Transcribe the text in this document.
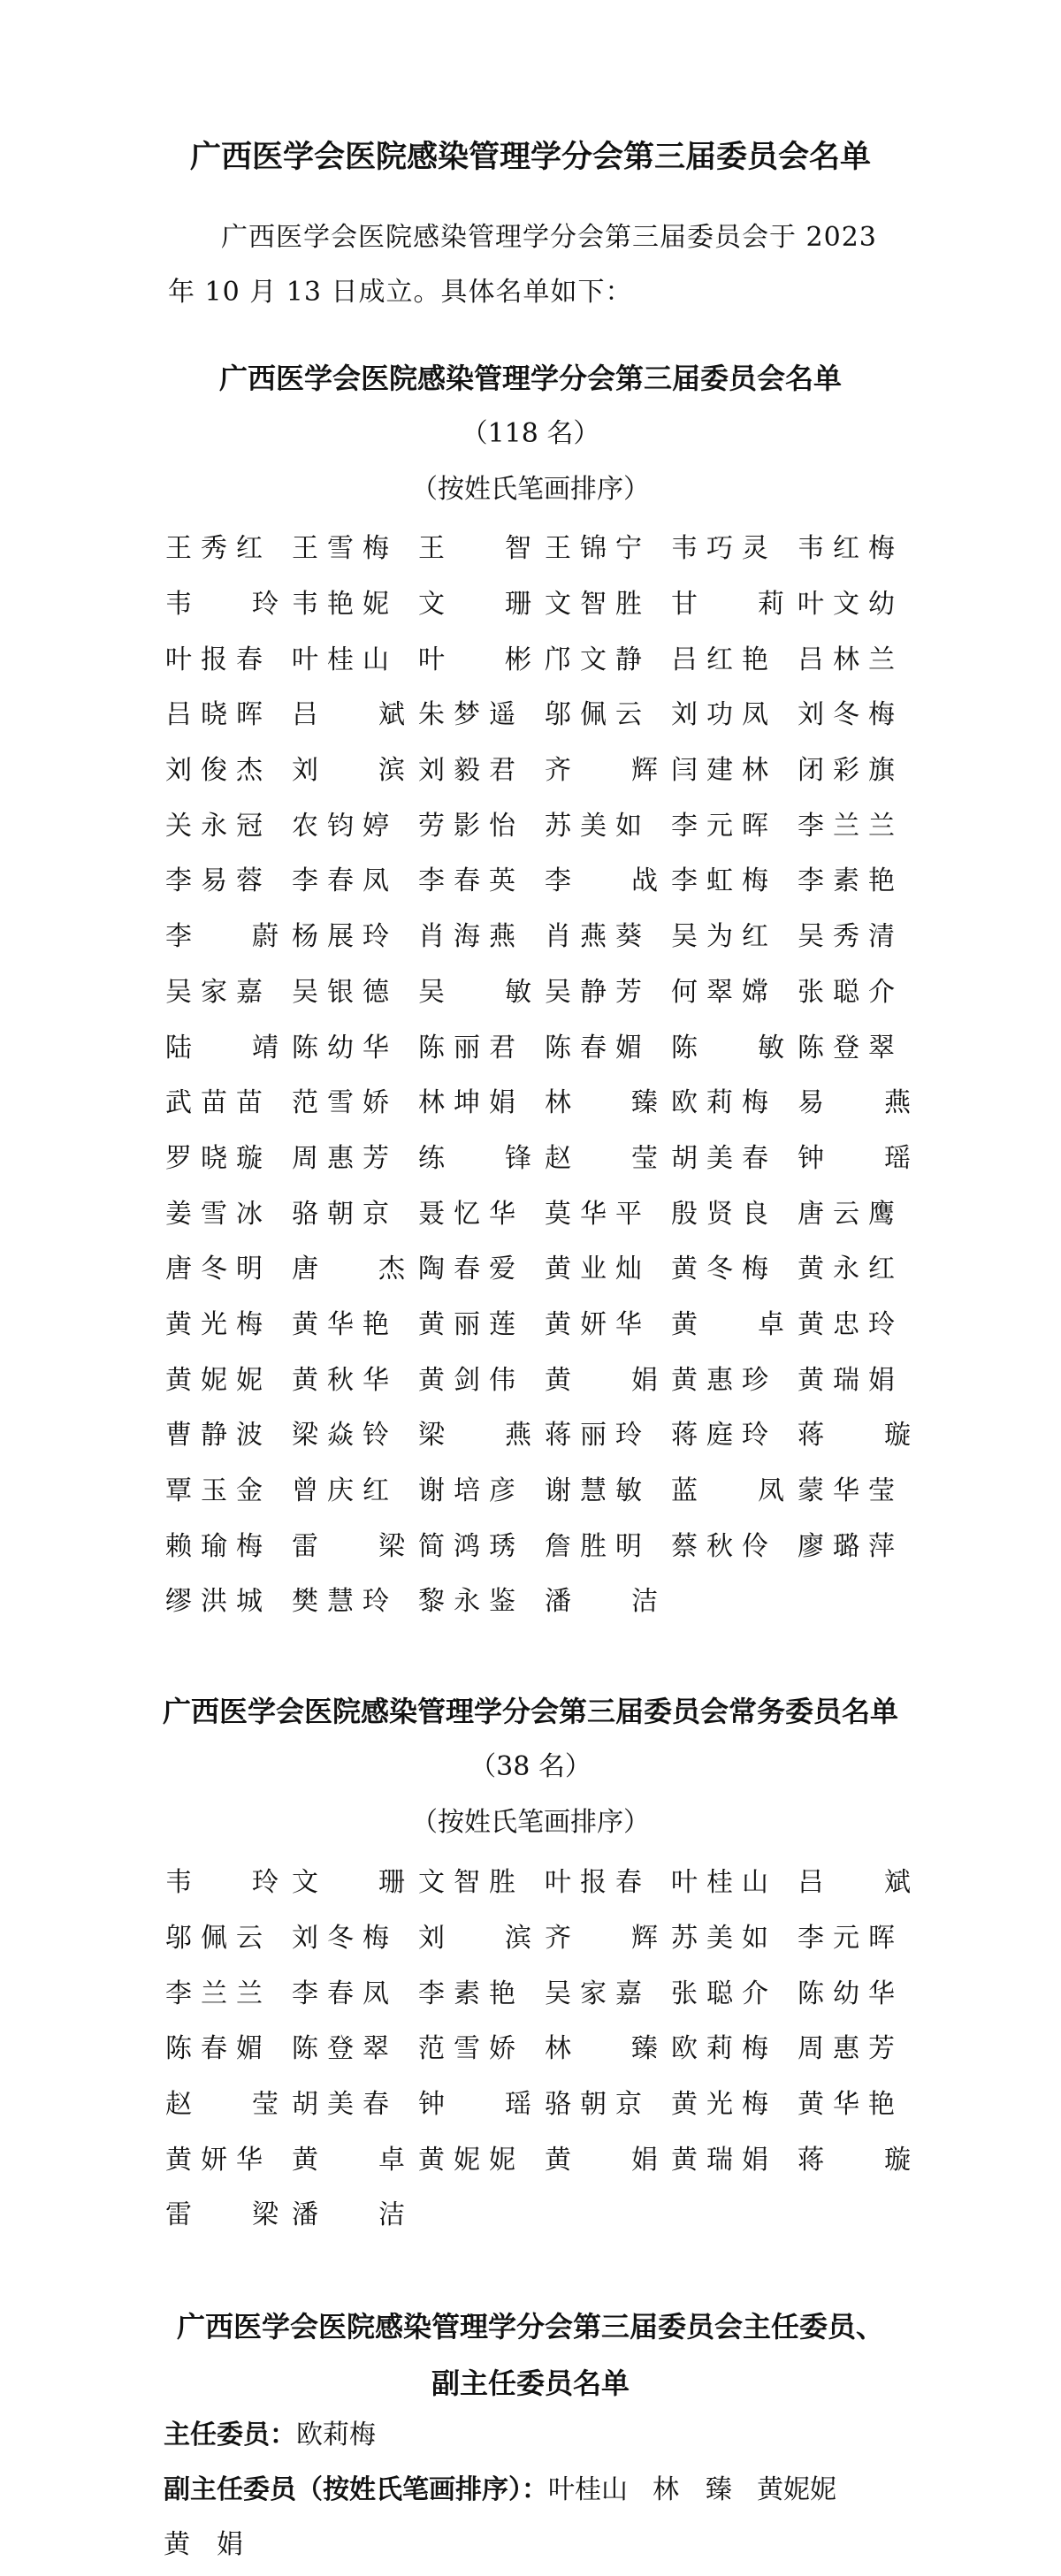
广西医学会医院感染管理学分会第三届委员会名单
广西医学会医院感染管理学分会第三届委员会于 2023 年 10 月 13 日成立。具体名单如下：
广西医学会医院感染管理学分会第三届委员会名单
（118 名）
（按姓氏笔画排序）
王 秀 红 王 雪 梅 王 智 王 锦 宁 韦 巧 灵 韦 红 梅
韦 玲 韦 艳 妮 文 珊 文 智 胜 甘 莉 叶 文 幼
叶 报 春 叶 桂 山 叶 彬 邝 文 静 吕 红 艳 吕 林 兰
吕 晓 晖 吕 斌 朱 梦 遥 邬 佩 云 刘 功 凤 刘 冬 梅
刘 俊 杰 刘 滨 刘 毅 君 齐 辉 闫 建 林 闭 彩 旗
关 永 冠 农 钧 婷 劳 影 怡 苏 美 如 李 元 晖 李 兰 兰
李 易 蓉 李 春 凤 李 春 英 李 战 李 虹 梅 李 素 艳
李 蔚 杨 展 玲 肖 海 燕 肖 燕 葵 吴 为 红 吴 秀 清
吴 家 嘉 吴 银 德 吴 敏 吴 静 芳 何 翠 嫦 张 聪 介
陆 靖 陈 幼 华 陈 丽 君 陈 春 媚 陈 敏 陈 登 翠
武 苗 苗 范 雪 娇 林 坤 娟 林 臻 欧 莉 梅 易 燕
罗 晓 璇 周 惠 芳 练 锋 赵 莹 胡 美 春 钟 瑶
姜 雪 冰 骆 朝 京 聂 忆 华 莫 华 平 殷 贤 良 唐 云 鹰
唐 冬 明 唐 杰 陶 春 爱 黄 业 灿 黄 冬 梅 黄 永 红
黄 光 梅 黄 华 艳 黄 丽 莲 黄 妍 华 黄 卓 黄 忠 玲
黄 妮 妮 黄 秋 华 黄 剑 伟 黄 娟 黄 惠 珍 黄 瑞 娟
曹 静 波 梁 焱 铃 梁 燕 蒋 丽 玲 蒋 庭 玲 蒋 璇
覃 玉 金 曾 庆 红 谢 培 彦 谢 慧 敏 蓝 凤 蒙 华 莹
赖 瑜 梅 雷 梁 简 鸿 琇 詹 胜 明 蔡 秋 伶 廖 璐 萍
缪 洪 城 樊 慧 玲 黎 永 鉴 潘 洁
广西医学会医院感染管理学分会第三届委员会常务委员名单
（38 名）
（按姓氏笔画排序）
韦 玲 文 珊 文 智 胜 叶 报 春 叶 桂 山 吕 斌
邬 佩 云 刘 冬 梅 刘 滨 齐 辉 苏 美 如 李 元 晖
李 兰 兰 李 春 凤 李 素 艳 吴 家 嘉 张 聪 介 陈 幼 华
陈 春 媚 陈 登 翠 范 雪 娇 林 臻 欧 莉 梅 周 惠 芳
赵 莹 胡 美 春 钟 瑶 骆 朝 京 黄 光 梅 黄 华 艳
黄 妍 华 黄 卓 黄 妮 妮 黄 娟 黄 瑞 娟 蒋 璇
雷 梁 潘 洁
广西医学会医院感染管理学分会第三届委员会主任委员、
副主任委员名单
主任委员：欧莉梅
副主任委员（按姓氏笔画排序）：叶桂山 林　臻 黄妮妮
黄　娟
